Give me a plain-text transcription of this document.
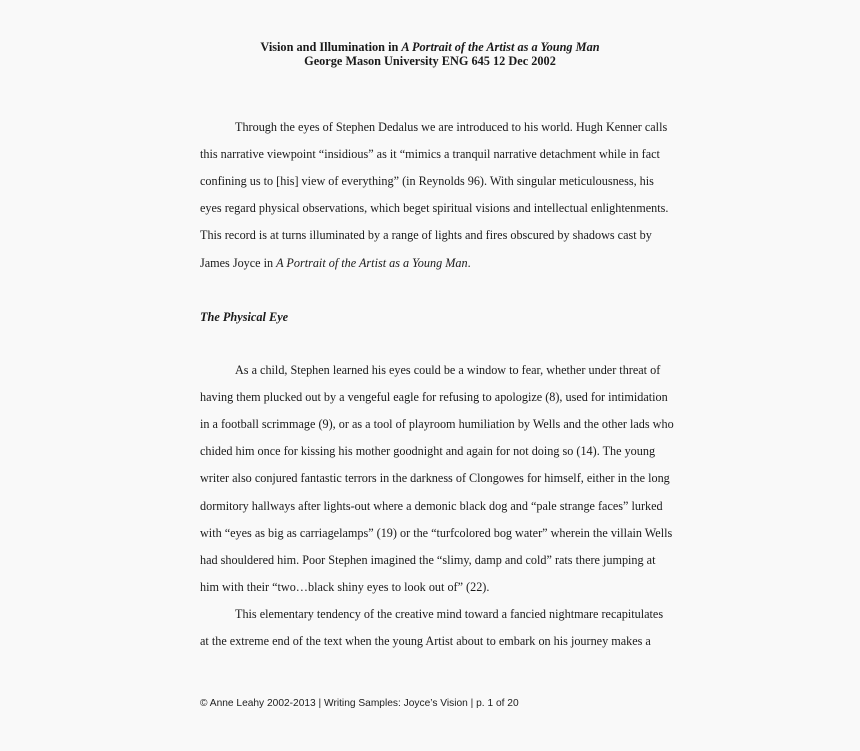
Vision and Illumination in A Portrait of the Artist as a Young Man
George Mason University ENG 645 12 Dec 2002
Through the eyes of Stephen Dedalus we are introduced to his world. Hugh Kenner calls
this narrative viewpoint “insidious” as it “mimics a tranquil narrative detachment while in fact
confining us to [his] view of everything” (in Reynolds 96). With singular meticulousness, his
eyes regard physical observations, which beget spiritual visions and intellectual enlightenments.
This record is at turns illuminated by a range of lights and fires obscured by shadows cast by
James Joyce in A Portrait of the Artist as a Young Man.
The Physical Eye
As a child, Stephen learned his eyes could be a window to fear, whether under threat of
having them plucked out by a vengeful eagle for refusing to apologize (8), used for intimidation
in a football scrimmage (9), or as a tool of playroom humiliation by Wells and the other lads who
chided him once for kissing his mother goodnight and again for not doing so (14). The young
writer also conjured fantastic terrors in the darkness of Clongowes for himself, either in the long
dormitory hallways after lights-out where a demonic black dog and “pale strange faces” lurked
with “eyes as big as carriagelamps” (19) or the “turfcolored bog water” wherein the villain Wells
had shouldered him. Poor Stephen imagined the “slimy, damp and cold” rats there jumping at
him with their “two…black shiny eyes to look out of” (22).
This elementary tendency of the creative mind toward a fancied nightmare recapitulates
at the extreme end of the text when the young Artist about to embark on his journey makes a
© Anne Leahy 2002-2013 | Writing Samples: Joyce’s Vision | p. 1 of 20
